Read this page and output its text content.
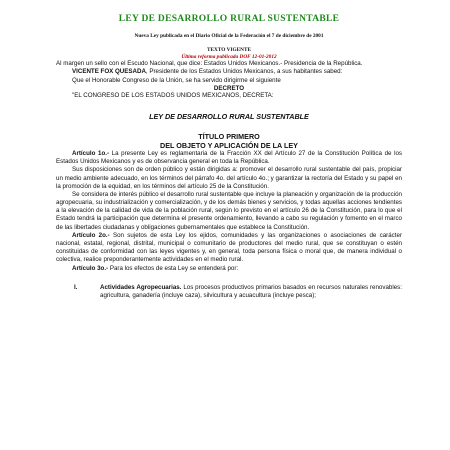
LEY DE DESARROLLO RURAL SUSTENTABLE

Nueva Ley publicada en el Diario Oficial de la Federación el 7 de diciembre de 2001

TEXTO VIGENTE
Última reforma publicada DOF 12-01-2012

Al margen un sello con el Escudo Nacional, que dice: Estados Unidos Mexicanos.- Presidencia de la República.

VICENTE FOX QUESADA, Presidente de los Estados Unidos Mexicanos, a sus habitantes sabed:

Que el Honorable Congreso de la Unión, se ha servido dirigirme el siguiente

DECRETO

"EL CONGRESO DE LOS ESTADOS UNIDOS MEXICANOS, DECRETA:

LEY DE DESARROLLO RURAL SUSTENTABLE

TÍTULO PRIMERO
DEL OBJETO Y APLICACIÓN DE LA LEY

Artículo 1o.- La presente Ley es reglamentaria de la Fracción XX del Artículo 27 de la Constitución Política de los Estados Unidos Mexicanos y es de observancia general en toda la República.

Sus disposiciones son de orden público y están dirigidas a: promover el desarrollo rural sustentable del país, propiciar un medio ambiente adecuado, en los términos del párrafo 4o. del artículo 4o.; y garantizar la rectoría del Estado y su papel en la promoción de la equidad, en los términos del artículo 25 de la Constitución.

Se considera de interés público el desarrollo rural sustentable que incluye la planeación y organización de la producción agropecuaria, su industrialización y comercialización, y de los demás bienes y servicios, y todas aquellas acciones tendientes a la elevación de la calidad de vida de la población rural, según lo previsto en el artículo 26 de la Constitución, para lo que el Estado tendrá la participación que determina el presente ordenamiento, llevando a cabo su regulación y fomento en el marco de las libertades ciudadanas y obligaciones gubernamentales que establece la Constitución.

Artículo 2o.- Son sujetos de esta Ley los ejidos, comunidades y las organizaciones o asociaciones de carácter nacional, estatal, regional, distrital, municipal o comunitario de productores del medio rural, que se constituyan o estén constituidas de conformidad con las leyes vigentes y, en general, toda persona física o moral que, de manera individual o colectiva, realice preponderantemente actividades en el medio rural.

Artículo 3o.- Para los efectos de esta Ley se entenderá por:

I.	Actividades Agropecuarias. Los procesos productivos primarios basados en recursos naturales renovables: agricultura, ganadería (incluye caza), silvicultura y acuacultura (incluye pesca);
